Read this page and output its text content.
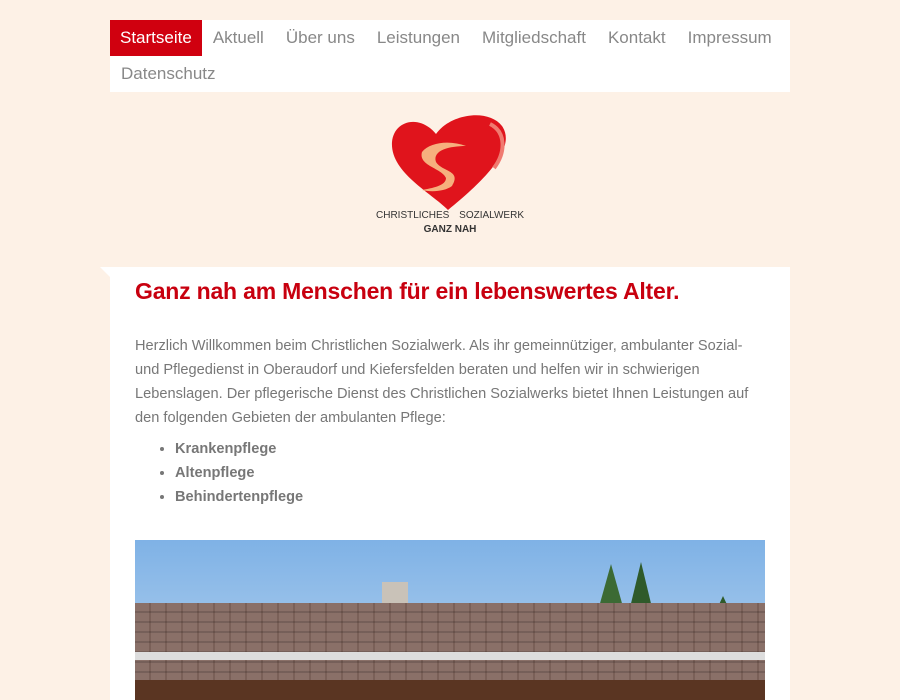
Startseite	Aktuell	Über uns	Leistungen	Mitgliedschaft	Kontakt	Impressum
Datenschutz
CHRISTLICHES SOZIALWERK
GANZ NAH
Ganz nah am Menschen für ein lebenswertes Alter.

Herzlich Willkommen beim Christlichen Sozialwerk. Als ihr gemeinnütziger, ambulanter Sozial- und Pflegedienst in Oberaudorf und Kiefersfelden beraten und helfen wir in schwierigen Lebenslagen. Der pflegerische Dienst des Christlichen Sozialwerks bietet Ihnen Leistungen auf den folgenden Gebieten der ambulanten Pflege:

• Krankenpflege
• Altenpflege
• Behindertenpflege
